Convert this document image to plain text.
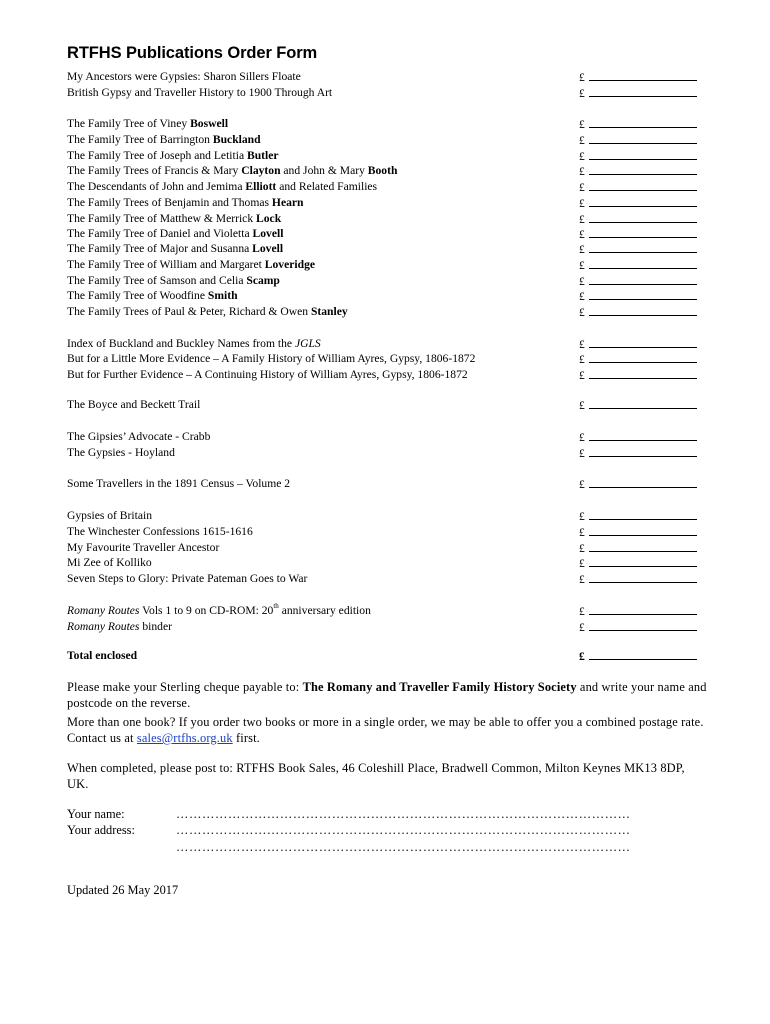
RTFHS Publications Order Form
My Ancestors were Gypsies: Sharon Sillers Floate	£
British Gypsy and Traveller History to 1900 Through Art	£
The Family Tree of Viney Boswell	£
The Family Tree of Barrington Buckland	£
The Family Tree of Joseph and Letitia Butler	£
The Family Trees of Francis & Mary Clayton and John & Mary Booth	£
The Descendants of John and Jemima Elliott and Related Families	£
The Family Trees of Benjamin and Thomas Hearn	£
The Family Tree of Matthew & Merrick Lock	£
The Family Tree of Daniel and Violetta Lovell	£
The Family Tree of Major and Susanna Lovell	£
The Family Tree of William and Margaret Loveridge	£
The Family Tree of Samson and Celia Scamp	£
The Family Tree of Woodfine Smith	£
The Family Trees of Paul & Peter, Richard & Owen Stanley	£
Index of Buckland and Buckley Names from the JGLS	£
But for a Little More Evidence – A Family History of William Ayres, Gypsy, 1806-1872	£
But for Further Evidence – A Continuing History of William Ayres, Gypsy, 1806-1872	£
The Boyce and Beckett Trail	£
The Gipsies’ Advocate - Crabb	£
The Gypsies - Hoyland	£
Some Travellers in the 1891 Census – Volume 2	£
Gypsies of Britain	£
The Winchester Confessions 1615-1616	£
My Favourite Traveller Ancestor	£
Mi Zee of Kolliko	£
Seven Steps to Glory: Private Pateman Goes to War	£
Romany Routes Vols 1 to 9 on CD-ROM: 20th anniversary edition	£
Romany Routes binder	£
Total enclosed	£

Please make your Sterling cheque payable to: The Romany and Traveller Family History Society and write your name and postcode on the reverse.

More than one book? If you order two books or more in a single order, we may be able to offer you a combined postage rate. Contact us at sales@rtfhs.org.uk first.

When completed, please post to: RTFHS Book Sales, 46 Coleshill Place, Bradwell Common, Milton Keynes MK13 8DP, UK.

Your name:	……………………………………………………………………………………………
Your address:	……………………………………………………………………………………………
……………………………………………………………………………………………
Updated 26 May 2017
